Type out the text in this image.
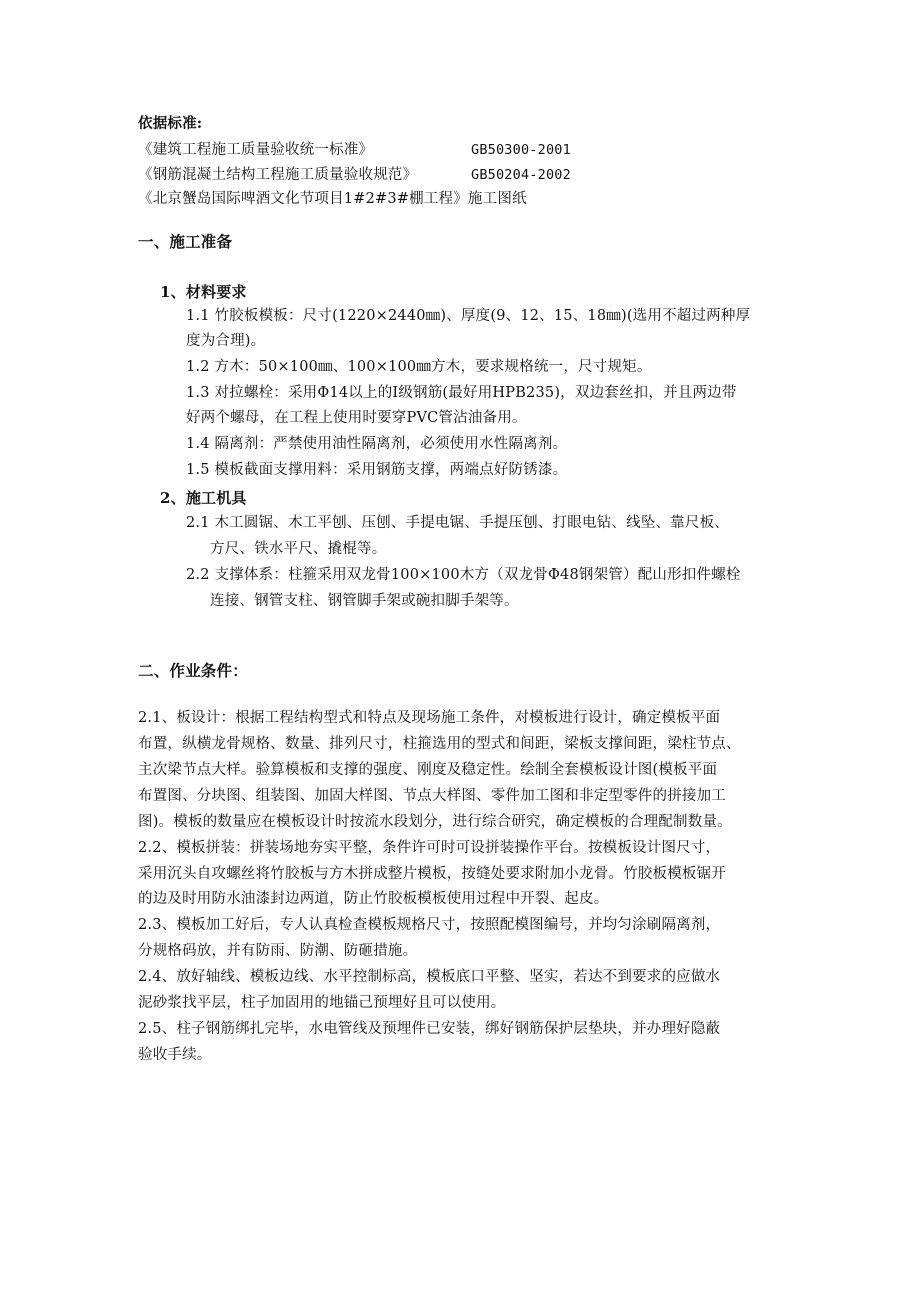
依据标准:
《建筑工程施工质量验收统一标准》	GB50300-2001
《钢筋混凝土结构工程施工质量验收规范》	GB50204-2002
《北京蟹岛国际啤酒文化节项目1#2#3#棚工程》施工图纸
一、施工准备
1、材料要求
1.1 竹胶板模板：尺寸(1220×2440㎜)、厚度(9、12、15、18㎜)(选用不超过两种厚
度为合理)。
1.2 方木：50×100㎜、100×100㎜方木，要求规格统一，尺寸规矩。
1.3 对拉螺栓：采用Φ14以上的Ⅰ级钢筋(最好用HPB235)，双边套丝扣，并且两边带
好两个螺母，在工程上使用时要穿PVC管沾油备用。
1.4 隔离剂：严禁使用油性隔离剂，必须使用水性隔离剂。
1.5 模板截面支撑用料：采用钢筋支撑，两端点好防锈漆。
2、施工机具
2.1 木工圆锯、木工平刨、压刨、手提电锯、手提压刨、打眼电钻、线坠、靠尺板、
方尺、铁水平尺、撬棍等。
2.2 支撑体系：柱箍采用双龙骨100×100木方（双龙骨Φ48钢架管）配山形扣件螺栓
连接、钢管支柱、钢管脚手架或碗扣脚手架等。
二、作业条件：
2.1、板设计：根据工程结构型式和特点及现场施工条件，对模板进行设计，确定模板平面
布置，纵横龙骨规格、数量、排列尺寸，柱箍选用的型式和间距，梁板支撑间距，梁柱节点、
主次梁节点大样。验算模板和支撑的强度、刚度及稳定性。绘制全套模板设计图(模板平面
布置图、分块图、组装图、加固大样图、节点大样图、零件加工图和非定型零件的拼接加工
图)。模板的数量应在模板设计时按流水段划分，进行综合研究，确定模板的合理配制数量。
2.2、模板拼装：拼装场地夯实平整，条件许可时可设拼装操作平台。按模板设计图尺寸，
采用沉头自攻螺丝将竹胶板与方木拼成整片模板，按缝处要求附加小龙骨。竹胶板模板锯开
的边及时用防水油漆封边两道，防止竹胶板模板使用过程中开裂、起皮。
2.3、模板加工好后，专人认真检查模板规格尺寸，按照配模图编号，并均匀涂刷隔离剂，
分规格码放，并有防雨、防潮、防砸措施。
2.4、放好轴线、模板边线、水平控制标高，模板底口平整、坚实，若达不到要求的应做水
泥砂浆找平层，柱子加固用的地锚己预埋好且可以使用。
2.5、柱子钢筋绑扎完毕，水电管线及预埋件已安装，绑好钢筋保护层垫块，并办理好隐蔽
验收手续。
